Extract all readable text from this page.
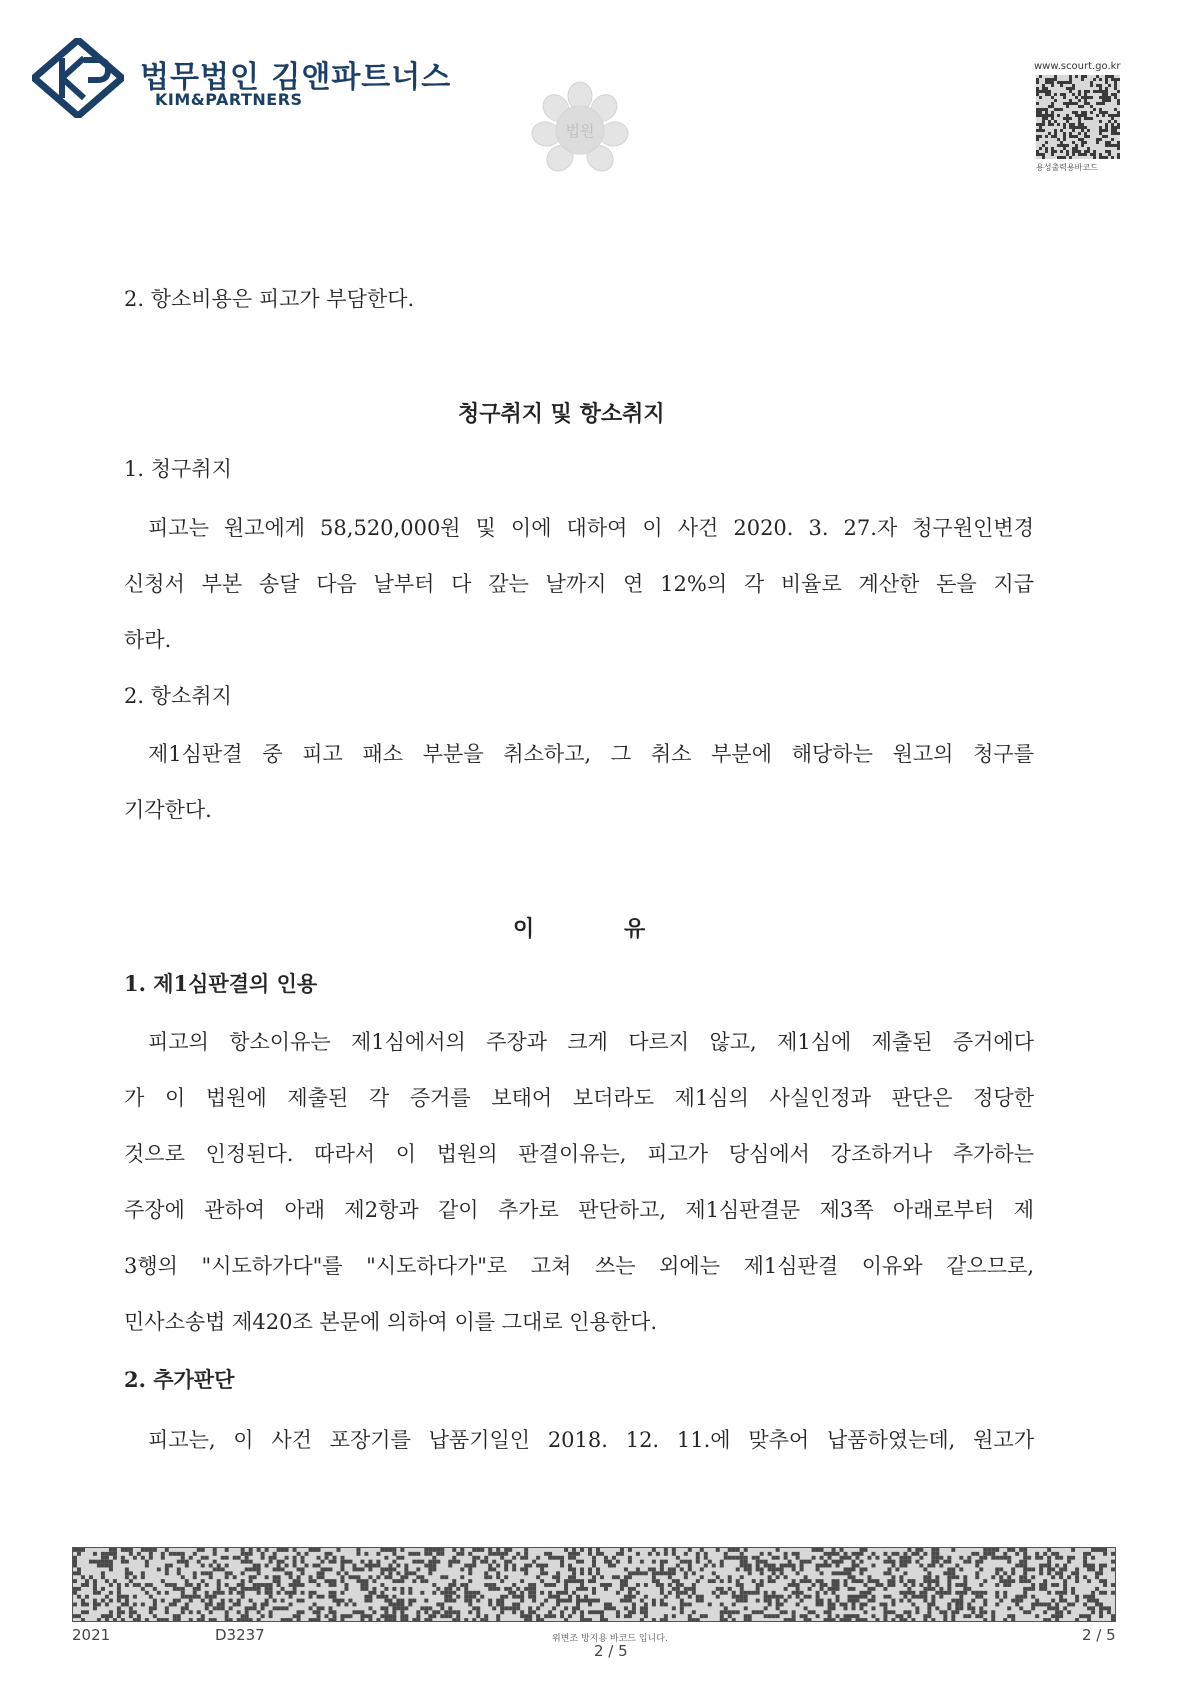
법무법인 김앤파트너스
KIM&PARTNERS
법원
www.scourt.go.kr
용성출력용바코드
2. 항소비용은 피고가 부담한다.
청구취지 및 항소취지
1. 청구취지
피고는 원고에게 58,520,000원 및 이에 대하여 이 사건 2020. 3. 27.자 청구원인변경
신청서 부본 송달 다음 날부터 다 갚는 날까지 연 12%의 각 비율로 계산한 돈을 지급
하라.
2. 항소취지
제1심판결 중 피고 패소 부분을 취소하고, 그 취소 부분에 해당하는 원고의 청구를
기각한다.
이	유
1. 제1심판결의 인용
피고의 항소이유는 제1심에서의 주장과 크게 다르지 않고, 제1심에 제출된 증거에다
가 이 법원에 제출된 각 증거를 보태어 보더라도 제1심의 사실인정과 판단은 정당한
것으로 인정된다. 따라서 이 법원의 판결이유는, 피고가 당심에서 강조하거나 추가하는
주장에 관하여 아래 제2항과 같이 추가로 판단하고, 제1심판결문 제3쪽 아래로부터 제
3행의 "시도하가다"를 "시도하다가"로 고쳐 쓰는 외에는 제1심판결 이유와 같으므로,
민사소송법 제420조 본문에 의하여 이를 그대로 인용한다.
2. 추가판단
피고는, 이 사건 포장기를 납품기일인 2018. 12. 11.에 맞추어 납품하였는데, 원고가
2021	D3237	위변조 방지용 바코드 입니다.
2 / 5
2 / 5
